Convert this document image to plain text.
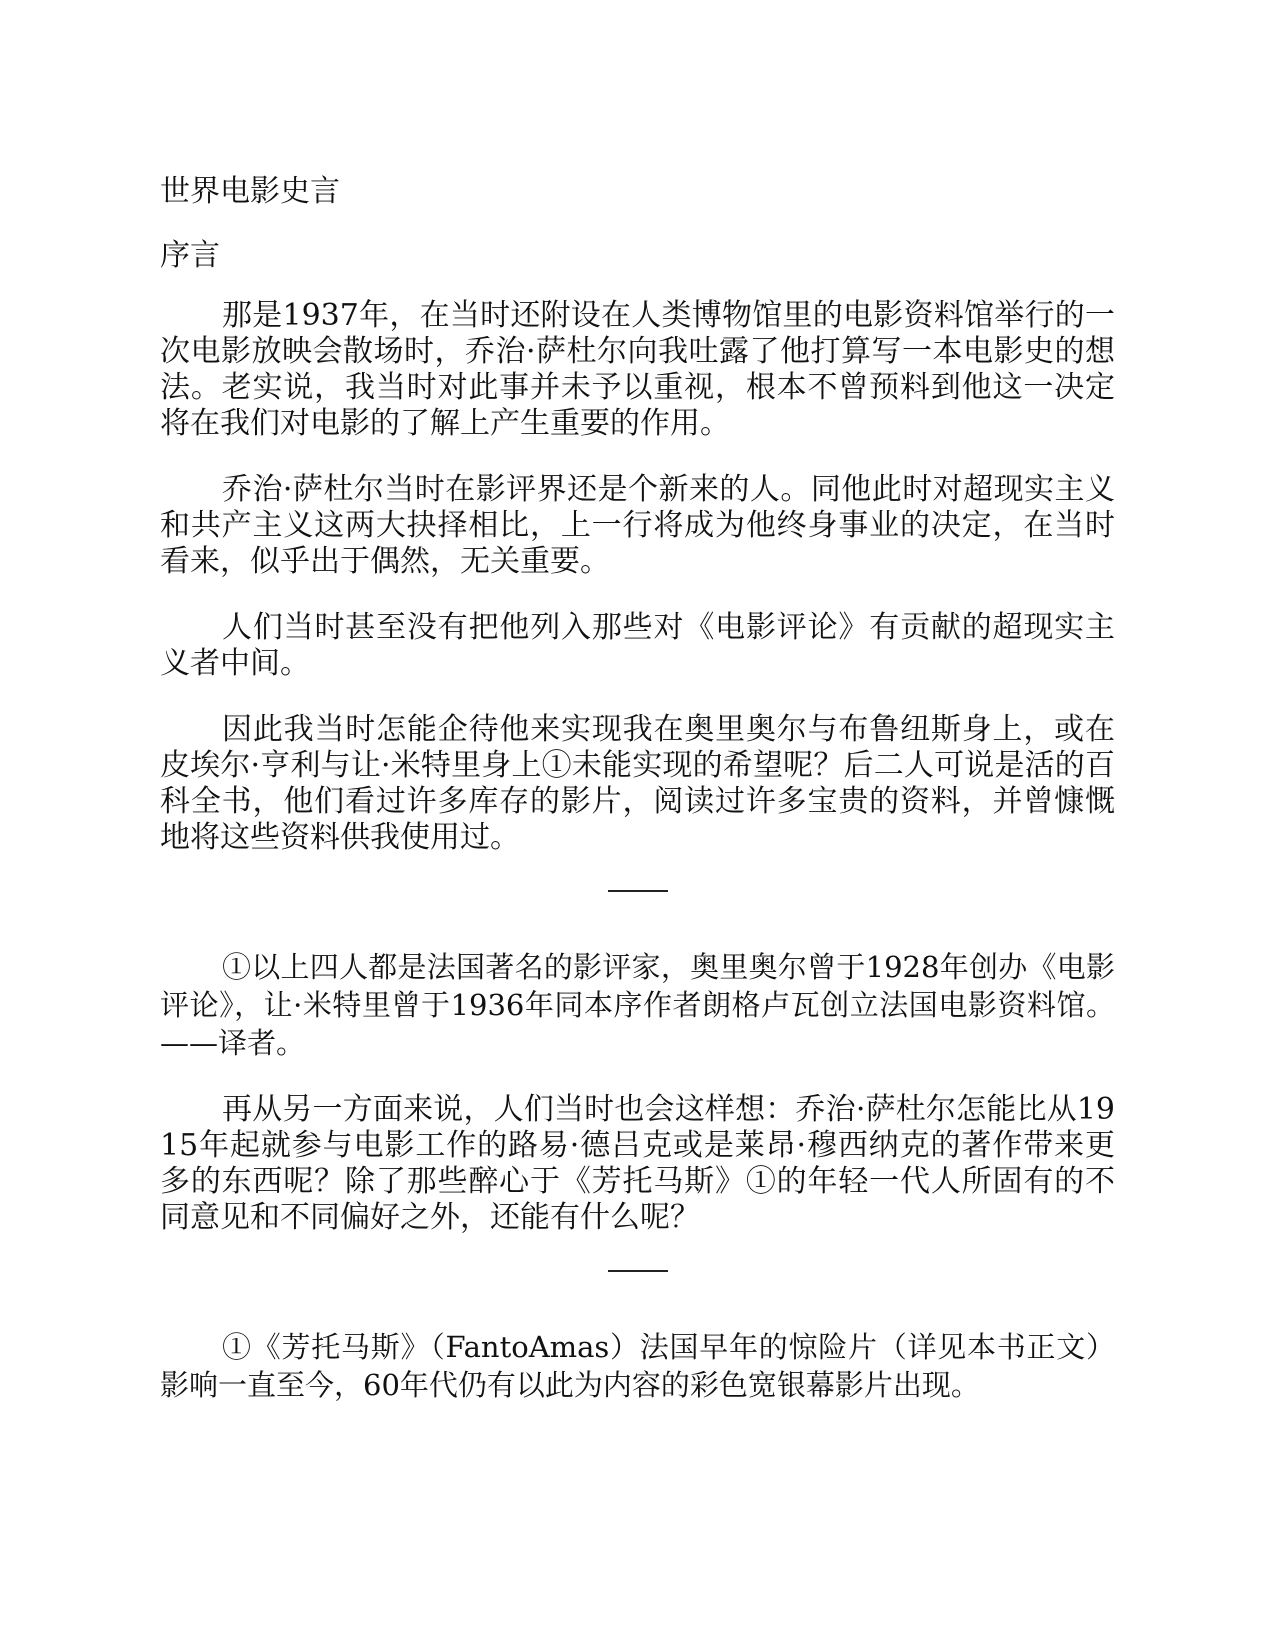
世界电影史言
序言

那是1937年，在当时还附设在人类博物馆里的电影资料馆举行的一次电影放映会散场时，乔治·萨杜尔向我吐露了他打算写一本电影史的想法。老实说，我当时对此事并未予以重视，根本不曾预料到他这一决定将在我们对电影的了解上产生重要的作用。

乔治·萨杜尔当时在影评界还是个新来的人。同他此时对超现实主义和共产主义这两大抉择相比，上一行将成为他终身事业的决定，在当时看来，似乎出于偶然，无关重要。

人们当时甚至没有把他列入那些对《电影评论》有贡献的超现实主义者中间。

因此我当时怎能企待他来实现我在奥里奥尔与布鲁纽斯身上，或在皮埃尔·亨利与让·米特里身上①未能实现的希望呢？后二人可说是活的百科全书，他们看过许多库存的影片，阅读过许多宝贵的资料，并曾慷慨地将这些资料供我使用过。

①以上四人都是法国著名的影评家，奥里奥尔曾于1928年创办《电影评论》，让·米特里曾于1936年同本序作者朗格卢瓦创立法国电影资料馆。——译者。

再从另一方面来说，人们当时也会这样想：乔治·萨杜尔怎能比从1915年起就参与电影工作的路易·德吕克或是莱昂·穆西纳克的著作带来更多的东西呢？除了那些醉心于《芳托马斯》①的年轻一代人所固有的不同意见和不同偏好之外，还能有什么呢？

①《芳托马斯》（FantoAmas）法国早年的惊险片（详见本书正文）影响一直至今，60年代仍有以此为内容的彩色宽银幕影片出现。
